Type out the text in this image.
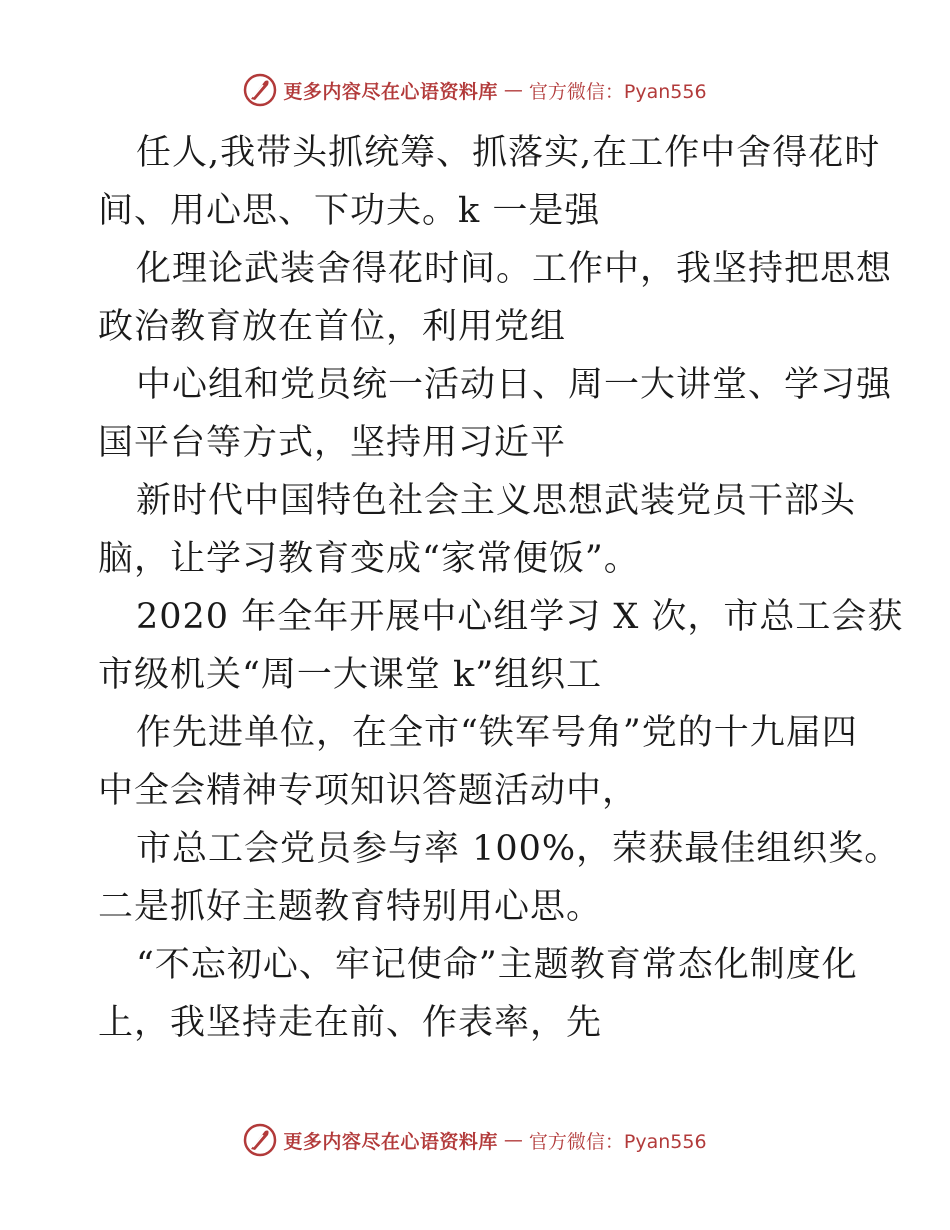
更多内容尽在心语资料库 — 官方微信：Pyan556
任人,我带头抓统筹、抓落实,在工作中舍得花时
间、用心思、下功夫。k 一是强
化理论武装舍得花时间。工作中，我坚持把思想
政治教育放在首位，利用党组
中心组和党员统一活动日、周一大讲堂、学习强
国平台等方式，坚持用习近平
新时代中国特色社会主义思想武装党员干部头
脑，让学习教育变成“家常便饭”。
2020 年全年开展中心组学习 X 次，市总工会获
市级机关“周一大课堂 k”组织工
作先进单位，在全市“铁军号角”党的十九届四
中全会精神专项知识答题活动中，
市总工会党员参与率 100%，荣获最佳组织奖。
二是抓好主题教育特别用心思。
“不忘初心、牢记使命”主题教育常态化制度化
上，我坚持走在前、作表率，先
更多内容尽在心语资料库 — 官方微信：Pyan556
